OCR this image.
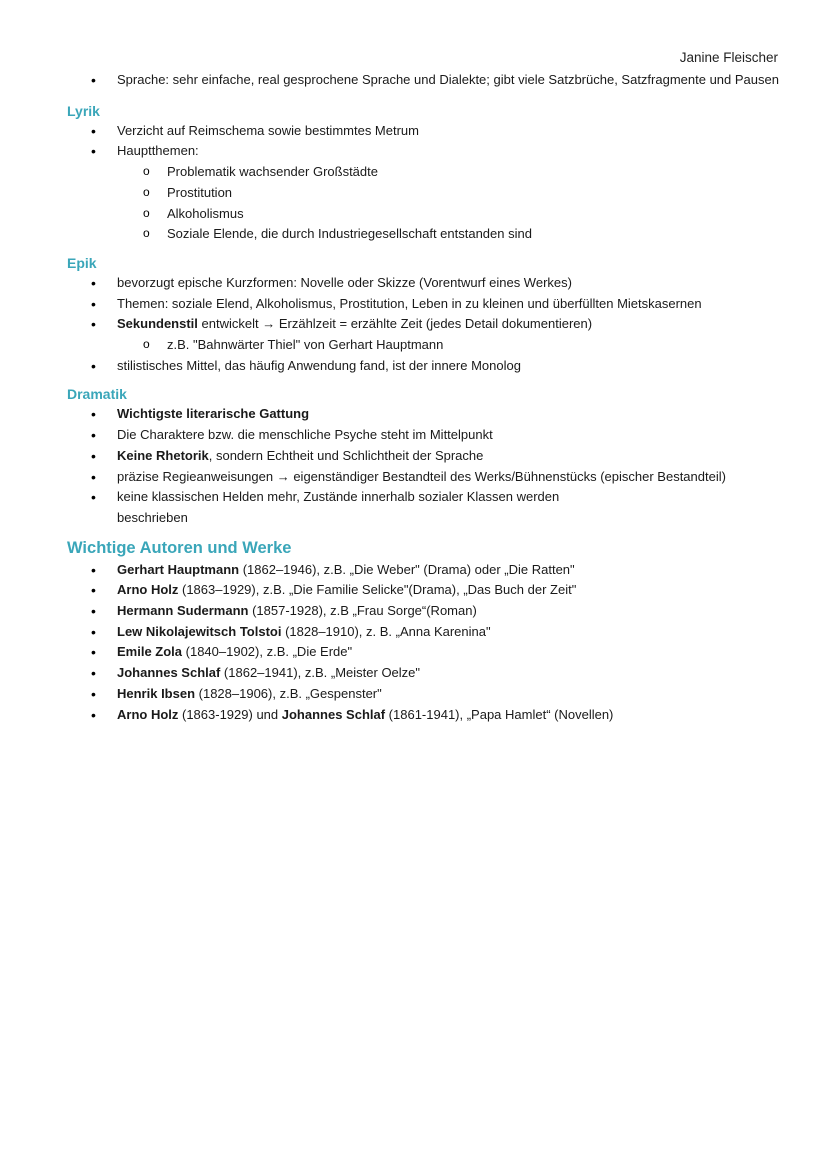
Janine Fleischer
• Sprache: sehr einfache, real gesprochene Sprache und Dialekte; gibt viele Satzbrüche, Satzfragmente und Pausen
Lyrik
• Verzicht auf Reimschema sowie bestimmtes Metrum
• Hauptthemen:
o Problematik wachsender Großstädte
o Prostitution
o Alkoholismus
o Soziale Elende, die durch Industriegesellschaft entstanden sind
Epik
• bevorzugt epische Kurzformen: Novelle oder Skizze (Vorentwurf eines Werkes)
• Themen: soziale Elend, Alkoholismus, Prostitution, Leben in zu kleinen und überfüllten Mietskasernen
• Sekundenstil entwickelt → Erzählzeit = erzählte Zeit (jedes Detail dokumentieren)
o z.B. "Bahnwärter Thiel" von Gerhart Hauptmann
• stilistisches Mittel, das häufig Anwendung fand, ist der innere Monolog
Dramatik
• Wichtigste literarische Gattung
• Die Charaktere bzw. die menschliche Psyche steht im Mittelpunkt
• Keine Rhetorik, sondern Echtheit und Schlichtheit der Sprache
• präzise Regieanweisungen → eigenständiger Bestandteil des Werks/Bühnenstücks (epischer Bestandteil)
• keine klassischen Helden mehr, Zustände innerhalb sozialer Klassen werden beschrieben
Wichtige Autoren und Werke
• Gerhart Hauptmann (1862–1946), z.B. „Die Weber" (Drama) oder „Die Ratten"
• Arno Holz (1863–1929), z.B. „Die Familie Selicke"(Drama), „Das Buch der Zeit"
• Hermann Sudermann (1857-1928), z.B „Frau Sorge“(Roman)
• Lew Nikolajewitsch Tolstoi (1828–1910), z. B. „Anna Karenina"
• Emile Zola (1840–1902), z.B. „Die Erde"
• Johannes Schlaf (1862–1941), z.B. „Meister Oelze"
• Henrik Ibsen (1828–1906), z.B. „Gespenster"
• Arno Holz (1863-1929) und Johannes Schlaf (1861-1941), „Papa Hamlet“ (Novellen)
